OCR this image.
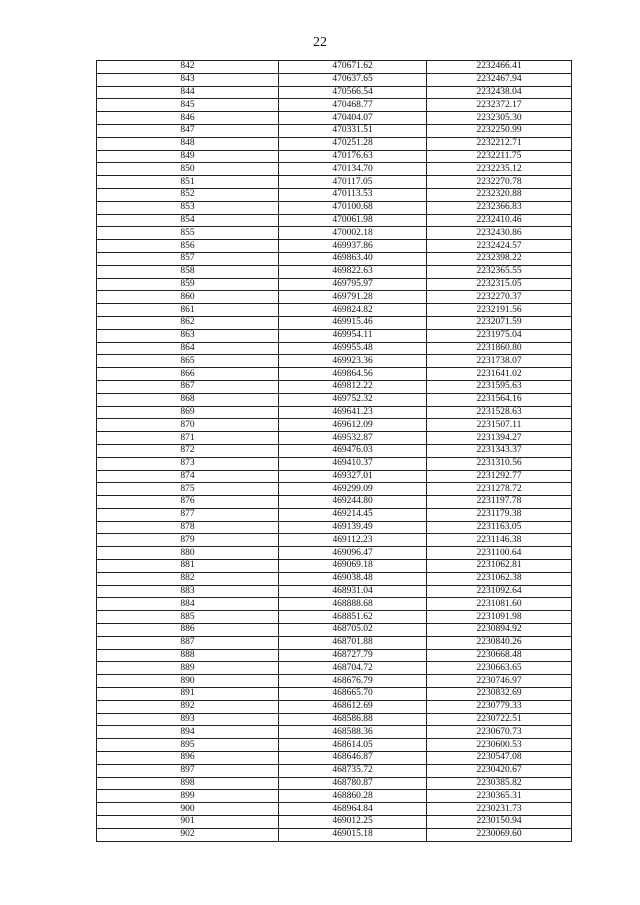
22
842	470671.62	2232466.41
843	470637.65	2232467.94
844	470566.54	2232438.04
845	470468.77	2232372.17
846	470404.07	2232305.30
847	470331.51	2232250.99
848	470251.28	2232212.71
849	470176.63	2232211.75
850	470134.70	2232235.12
851	470117.05	2232270.78
852	470113.53	2232320.88
853	470100.68	2232366.83
854	470061.98	2232410.46
855	470002.18	2232430.86
856	469937.86	2232424.57
857	469863.40	2232398.22
858	469822.63	2232365.55
859	469795.97	2232315.05
860	469791.28	2232270.37
861	469824.82	2232191.56
862	469915.46	2232071.59
863	469954.11	2231975.04
864	469955.48	2231860.80
865	469923.36	2231738.07
866	469864.56	2231641.02
867	469812.22	2231595.63
868	469752.32	2231564.16
869	469641.23	2231528.63
870	469612.09	2231507.11
871	469532.87	2231394.27
872	469476.03	2231343.37
873	469410.37	2231310.56
874	469327.01	2231292.77
875	469299.09	2231278.72
876	469244.80	2231197.78
877	469214.45	2231179.38
878	469139.49	2231163.05
879	469112.23	2231146.38
880	469096.47	2231100.64
881	469069.18	2231062.81
882	469038.48	2231062.38
883	468931.04	2231092.64
884	468888.68	2231081.60
885	468851.62	2231091.98
886	468705.02	2230894.92
887	468701.88	2230840.26
888	468727.79	2230668.48
889	468704.72	2230663.65
890	468676.79	2230746.97
891	468665.70	2230832.69
892	468612.69	2230779.33
893	468586.88	2230722.51
894	468588.36	2230670.73
895	468614.05	2230600.53
896	468646.87	2230547.08
897	468735.72	2230420.67
898	468780.87	2230385.82
899	468860.28	2230365.31
900	468964.84	2230231.73
901	469012.25	2230150.94
902	469015.18	2230069.60
